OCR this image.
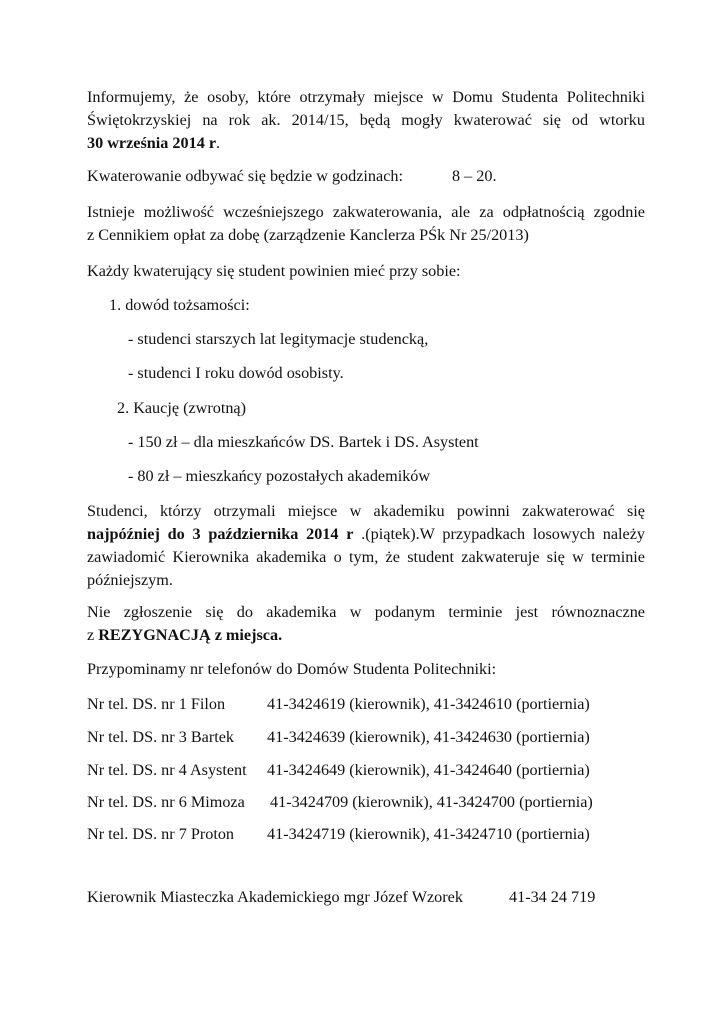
Informujemy, że osoby, które otrzymały miejsce w Domu Studenta Politechniki
Świętokrzyskiej na rok ak. 2014/15, będą mogły kwaterować się od wtorku
30 września 2014 r.

Kwaterowanie odbywać się będzie w godzinach:	8 – 20.

Istnieje możliwość wcześniejszego zakwaterowania, ale za odpłatnością zgodnie
z Cennikiem opłat za dobę (zarządzenie Kanclerza PŚk Nr 25/2013)

Każdy kwaterujący się student powinien mieć przy sobie:
1. dowód tożsamości:
- studenci starszych lat legitymacje studencką,
- studenci I roku dowód osobisty.
2. Kaucję (zwrotną)
- 150 zł – dla mieszkańców DS. Bartek i DS. Asystent
- 80 zł – mieszkańcy pozostałych akademików

Studenci, którzy otrzymali miejsce w akademiku powinni zakwaterować się
najpóźniej do 3 października 2014 r .(piątek).W przypadkach losowych należy
zawiadomić Kierownika akademika o tym, że student zakwateruje się w terminie
późniejszym.

Nie zgłoszenie się do akademika w podanym terminie jest równoznaczne
z REZYGNACJĄ z miejsca.

Przypominamy nr telefonów do Domów Studenta Politechniki:
Nr tel. DS. nr 1 Filon	41-3424619 (kierownik), 41-3424610 (portiernia)
Nr tel. DS. nr 3 Bartek 41-3424639 (kierownik), 41-3424630 (portiernia)
Nr tel. DS. nr 4 Asystent 41-3424649 (kierownik), 41-3424640 (portiernia)
Nr tel. DS. nr 6 Mimoza 41-3424709 (kierownik), 41-3424700 (portiernia)
Nr tel. DS. nr 7 Proton 41-3424719 (kierownik), 41-3424710 (portiernia)
Kierownik Miasteczka Akademickiego mgr Józef Wzorek	41-34 24 719
